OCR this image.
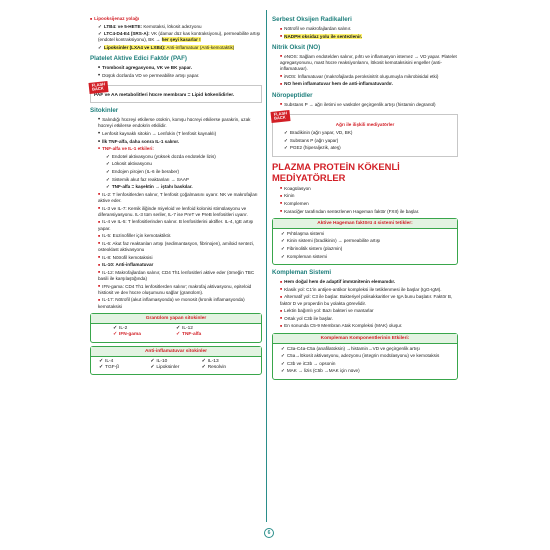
■ Lipooksijenaz yolağı
✓ LTB4: ve 5-HETE: Kemotaksi, lökosit adezyonu
✓ LTC4-D4-E4 (SRS-A): VK (damar düz kas kontraksiyonu), permeabilite artışı (endotel kontraksiyonu), BK → her şeyi kasarlar !
✓ Lipoksinler (LXA4 ve LXB4): Anti-inflamatuar (Anti-kemotaktik)
Platelet Aktive Edici Faktör (PAF)
• Trombosit agregasyonu, VK ve BK yapar.
• Düşük dozlarda VD ve permeabilite artışı yapar.
FLASH
BACK
PAF ve AA metabolitleri hücre membranı = Lipid kökenlidirler.
Sitokinler
• Salındığı hücreyi etkilerse otokrin, komşu hücreyi etkilerse parakrin, uzak hücreyi etkilerse endokrin etkilidir.
• Lenfosit kaynaklı sitokin → Lenfokin (T lenfosit kaynaklı)
• İlk TNF-alfa, daha sonra IL-1 salınır.
• TNF-alfa ve IL-1 etkileri:
✓ Endotel aktivasyonu (yüksek dozda endotelde lizis)
✓ Lökosit aktivasyonu
✓ Endojen pirojen (IL-6 ile beraber)
✓ Sistemik akut faz reaktanları → SAAP
✓ TNF-alfa = kaşektin → iştahı baskılar.
■ IL-2: T lenfositlerden salınır, T lenfosit çoğalmasını uyarır. NK ve makrofajları aktive eder.
■ IL-3 ve IL-7: Kemik iliğinde miyeloid ve lenfoid kolonisi stimülasyonu ve diferansiyasyonu. IL-3 tüm seriler, IL-7 ise PreT ve PreB lenfositleri uyarır.
■ IL-4 ve IL-5: T lenfositlerinden salınır. B lenfositlerini aktifler. IL-4, IgE artışı yapar.
■ IL-5: Eozinofiller için kemotaktiktir.
■ IL-6: Akut faz reaktanları artışı (sedimantasyon, fibrinojen), amiloid sentezi, osteoklast aktivasyonu
■ IL-8: Nötrofil kemotaksisi
■ IL-10: Anti-inflamatuvar
■ IL-12: Makrofajlardan salınır, CD4 Th1 lenfositleri aktive eder (örneğin TBC basili ile karşılaştığında)
■ IFN-gama: CD4 Th1 lenfositlerden salınır; makrofaj aktivasyonu, epiteloid histiosit ve dev hücre oluşumunu sağlar (granülom).
■ IL-17: Nötrofil (akut inflamasyonda) ve monosit (kronik inflamasyonda) kemotaksisi
Granülom yapan sitokinler
✓ IL-2	✓ IL-12
✓ IFN-gama	✓ TNF-alfa
Anti-inflamatuvar sitokinler
✓ IL-4	✓ IL-10	✓ IL-13
✓ TGF-β	✓ Lipoksinler	✓ Resolvin
Serbest Oksijen Radikalleri
■ Nötrofil ve makrofajlardan salınır.
■ NADPH oksidaz yolu ile sentezlenir.
Nitrik Oksit (NO)
■ eNOS: Sağlam endotelden salınır, pıhtı ve inflamasyon istemez → VD yapar. Platelet agregasyonunu, mast hücre reaksiyonlarını, lökosit kemotaksisini engeller (anti-inflamatuvar).
■ iNOS: İnflamatuvar (makrofajlarda peroksinitrit oluşumuyla mikrobisidal etki)
■ NO hem inflamatuvar hem de anti-inflamatuvardır.
Nöropeptidler
■ Substans P → ağrı iletimi ve vasküler geçirgenlik artışı (histamin degranül)
FLASH
BACK
Ağrı ile ilişkili mediyatörler
✓ Bradikinin (ağrı yapar, VD, BK)
✓ Substans P (ağrı yapar)
✓ PGE2 (hiperaljezik, ateş)
PLAZMA PROTEİN KÖKENLİ MEDİYATÖRLER
■ Koagülasyon
■ Kinin
■ Komplemen
■ Karaciğer tarafından sentezlenen Hageman faktör (FXII) ile başlar.
Aktive Hageman faktörü 4 sistemi tetikler:
✓ Pıhtılaşma sistemi
✓ Kinin sistemi (bradikinin) → permeabilite artışı
✓ Fibrinolitik sistem (plazmin)
✓ Kompleman sistemi
Kompleman Sistemi
■ Hem doğal hem de adaptif immünitenin elemanıdır.
■ Klasik yol: C1'in antijen-antikor kompleksi ile tetiklenmesi ile başlar (IgG-IgM).
■ Alternatif yol: C3 ile başlar. Bakteriyel polisakkaritler ve IgA bunu başlatır. Faktör B, faktör D ve properdin bu yolakta görevlidir.
■ Lektin bağımlı yol: Bazı bakteri ve mantarlar
■ Ortak yol C3b ile başlar.
■ En sonunda C5-9 Membran Atak Kompleksi (MAK) oluşur.
Kompleman Komponentlerinin Etkileri:
✓ C3a-C4a-C5a (anafilatoksin) →histamin→VD ve geçirgenlik artışı
✓ C5a→lökosit aktivasyonu, adezyonu (integrin modülasyonu) ve kemotaksis
✓ C3b ve iC3b → opsonin
✓ MAK → lizis (C5b →MAK için nüve)
6
